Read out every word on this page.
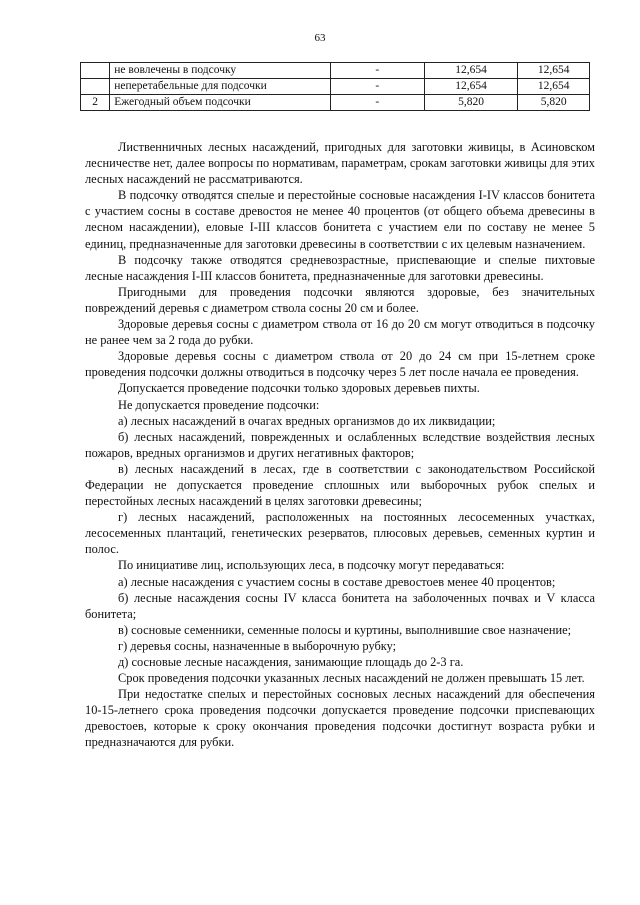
63
	не вовлечены в подсочку	-	12,654	12,654
	неперетабельные для подсочки	-	12,654	12,654
2	Ежегодный объем подсочки	-	5,820	5,820

Лиственничных лесных насаждений, пригодных для заготовки живицы, в Асиновском лесничестве нет, далее вопросы по нормативам, параметрам, срокам заготовки живицы для этих лесных насаждений не рассматриваются.

В подсочку отводятся спелые и перестойные сосновые насаждения I-IV классов бонитета с участием сосны в составе древостоя не менее 40 процентов (от общего объема древесины в лесном насаждении), еловые I-III классов бонитета с участием ели по составу не менее 5 единиц, предназначенные для заготовки древесины в соответствии с их целевым назначением.

В подсочку также отводятся средневозрастные, приспевающие и спелые пихтовые лесные насаждения I-III классов бонитета, предназначенные для заготовки древесины.

Пригодными для проведения подсочки являются здоровые, без значительных повреждений деревья с диаметром ствола сосны 20 см и более.

Здоровые деревья сосны с диаметром ствола от 16 до 20 см могут отводиться в подсочку не ранее чем за 2 года до рубки.

Здоровые деревья сосны с диаметром ствола от 20 до 24 см при 15-летнем сроке проведения подсочки должны отводиться в подсочку через 5 лет после начала ее проведения.

Допускается проведение подсочки только здоровых деревьев пихты.

Не допускается проведение подсочки:

а) лесных насаждений в очагах вредных организмов до их ликвидации;

б) лесных насаждений, поврежденных и ослабленных вследствие воздействия лесных пожаров, вредных организмов и других негативных факторов;

в) лесных насаждений в лесах, где в соответствии с законодательством Российской Федерации не допускается проведение сплошных или выборочных рубок спелых и перестойных лесных насаждений в целях заготовки древесины;

г) лесных насаждений, расположенных на постоянных лесосеменных участках, лесосеменных плантаций, генетических резерватов, плюсовых деревьев, семенных куртин и полос.

По инициативе лиц, использующих леса, в подсочку могут передаваться:

а) лесные насаждения с участием сосны в составе древостоев менее 40 процентов;

б) лесные насаждения сосны IV класса бонитета на заболоченных почвах и V класса бонитета;

в) сосновые семенники, семенные полосы и куртины, выполнившие свое назначение;

г) деревья сосны, назначенные в выборочную рубку;

д) сосновые лесные насаждения, занимающие площадь до 2-3 га.

Срок проведения подсочки указанных лесных насаждений не должен превышать 15 лет.

При недостатке спелых и перестойных сосновых лесных насаждений для обеспечения 10-15-летнего срока проведения подсочки допускается проведение подсочки приспевающих древостоев, которые к сроку окончания проведения подсочки достигнут возраста рубки и предназначаются для рубки.
